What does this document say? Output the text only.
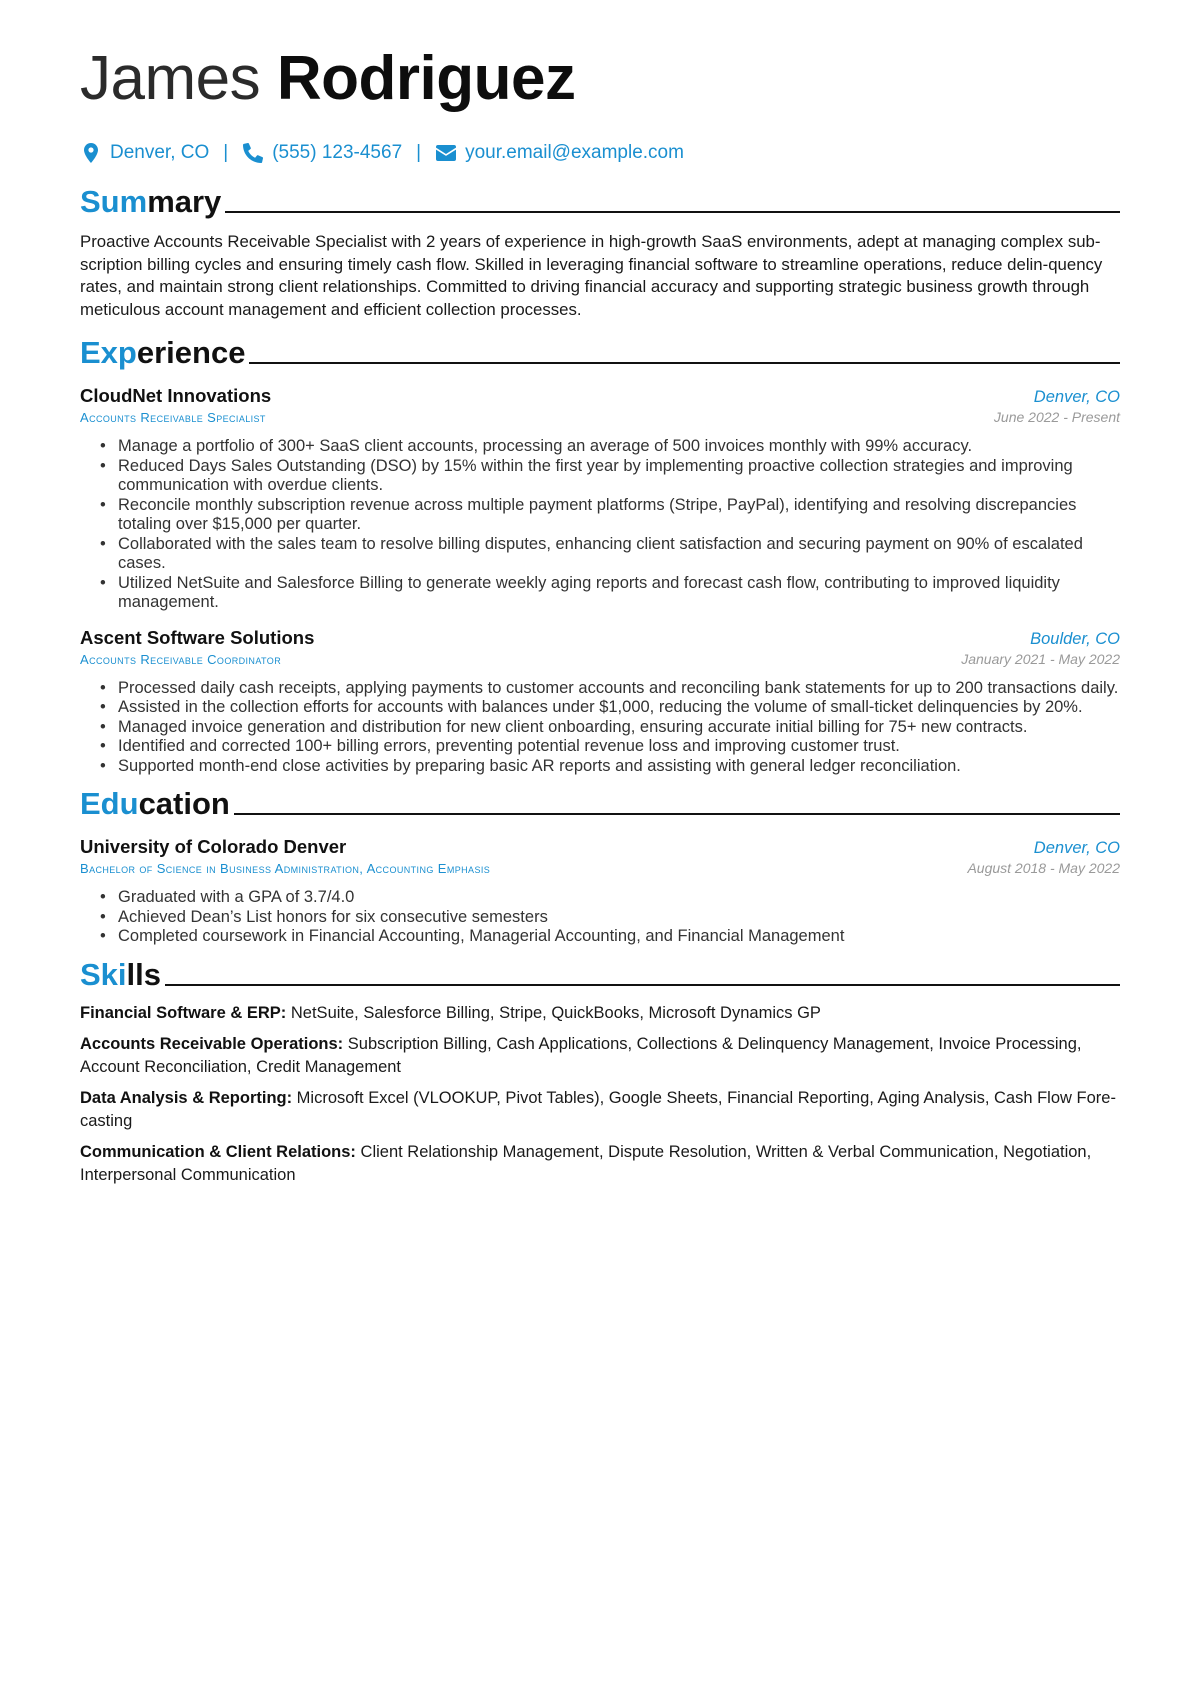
James Rodriguez
Denver, CO | (555) 123-4567 | your.email@example.com
Summary
Proactive Accounts Receivable Specialist with 2 years of experience in high-growth SaaS environments, adept at managing complex sub-scription billing cycles and ensuring timely cash flow. Skilled in leveraging financial software to streamline operations, reduce delin-quency rates, and maintain strong client relationships. Committed to driving financial accuracy and supporting strategic business growth through meticulous account management and efficient collection processes.
Experience
CloudNet Innovations	Denver, CO
Accounts Receivable Specialist	June 2022 - Present
• Manage a portfolio of 300+ SaaS client accounts, processing an average of 500 invoices monthly with 99% accuracy.
• Reduced Days Sales Outstanding (DSO) by 15% within the first year by implementing proactive collection strategies and improving communication with overdue clients.
• Reconcile monthly subscription revenue across multiple payment platforms (Stripe, PayPal), identifying and resolving discrepancies totaling over $15,000 per quarter.
• Collaborated with the sales team to resolve billing disputes, enhancing client satisfaction and securing payment on 90% of escalated cases.
• Utilized NetSuite and Salesforce Billing to generate weekly aging reports and forecast cash flow, contributing to improved liquidity management.
Ascent Software Solutions	Boulder, CO
Accounts Receivable Coordinator	January 2021 - May 2022
• Processed daily cash receipts, applying payments to customer accounts and reconciling bank statements for up to 200 transactions daily.
• Assisted in the collection efforts for accounts with balances under $1,000, reducing the volume of small-ticket delinquencies by 20%.
• Managed invoice generation and distribution for new client onboarding, ensuring accurate initial billing for 75+ new contracts.
• Identified and corrected 100+ billing errors, preventing potential revenue loss and improving customer trust.
• Supported month-end close activities by preparing basic AR reports and assisting with general ledger reconciliation.
Education
University of Colorado Denver	Denver, CO
Bachelor of Science in Business Administration, Accounting Emphasis	August 2018 - May 2022
• Graduated with a GPA of 3.7/4.0
• Achieved Dean’s List honors for six consecutive semesters
• Completed coursework in Financial Accounting, Managerial Accounting, and Financial Management
Skills
Financial Software & ERP: NetSuite, Salesforce Billing, Stripe, QuickBooks, Microsoft Dynamics GP
Accounts Receivable Operations: Subscription Billing, Cash Applications, Collections & Delinquency Management, Invoice Processing, Account Reconciliation, Credit Management
Data Analysis & Reporting: Microsoft Excel (VLOOKUP, Pivot Tables), Google Sheets, Financial Reporting, Aging Analysis, Cash Flow Fore-casting
Communication & Client Relations: Client Relationship Management, Dispute Resolution, Written & Verbal Communication, Negotiation, Interpersonal Communication
